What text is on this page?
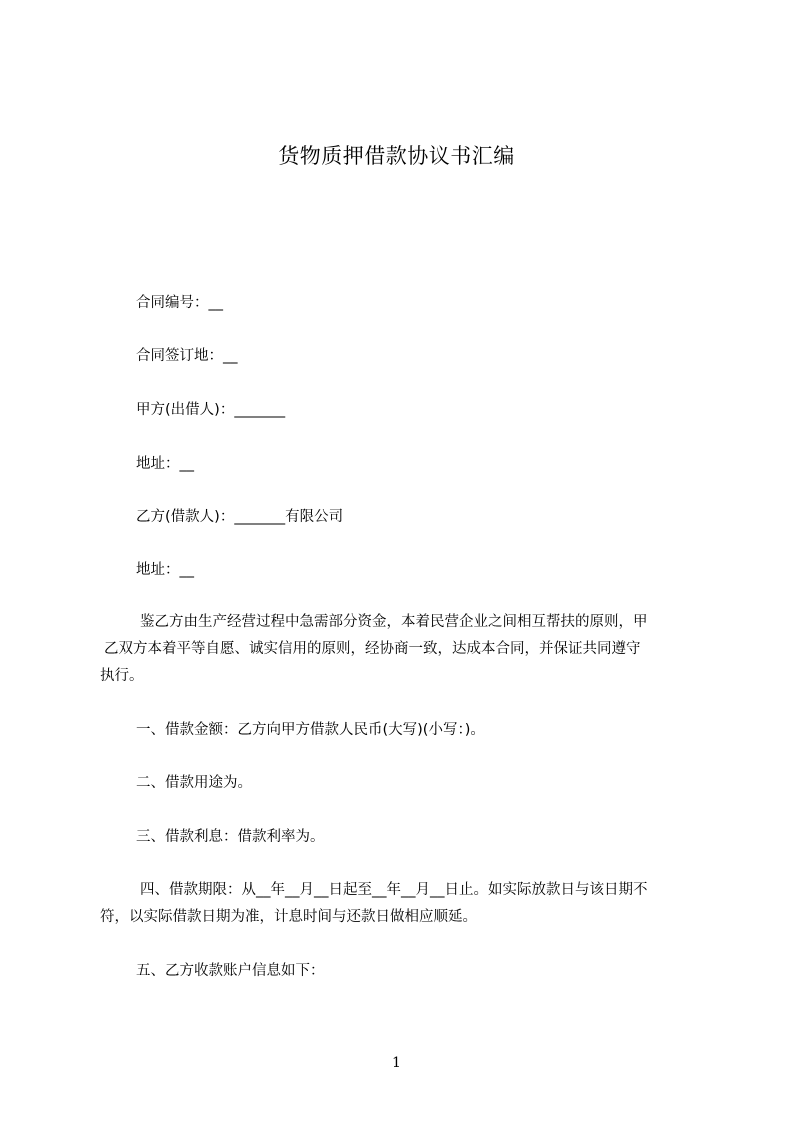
货物质押借款协议书汇编
合同编号：__
合同签订地：__
甲方(出借人)：_______
地址：__
乙方(借款人)：_______有限公司
地址：__
鉴乙方由生产经营过程中急需部分资金，本着民营企业之间相互帮扶的原则，甲
乙双方本着平等自愿、诚实信用的原则，经协商一致，达成本合同，并保证共同遵守
执行。
一、借款金额：乙方向甲方借款人民币(大写)(小写：)。
二、借款用途为。
三、借款利息：借款利率为。
四、借款期限：从__年__月__日起至__年__月__日止。如实际放款日与该日期不
符，以实际借款日期为准，计息时间与还款日做相应顺延。
五、乙方收款账户信息如下：
1
